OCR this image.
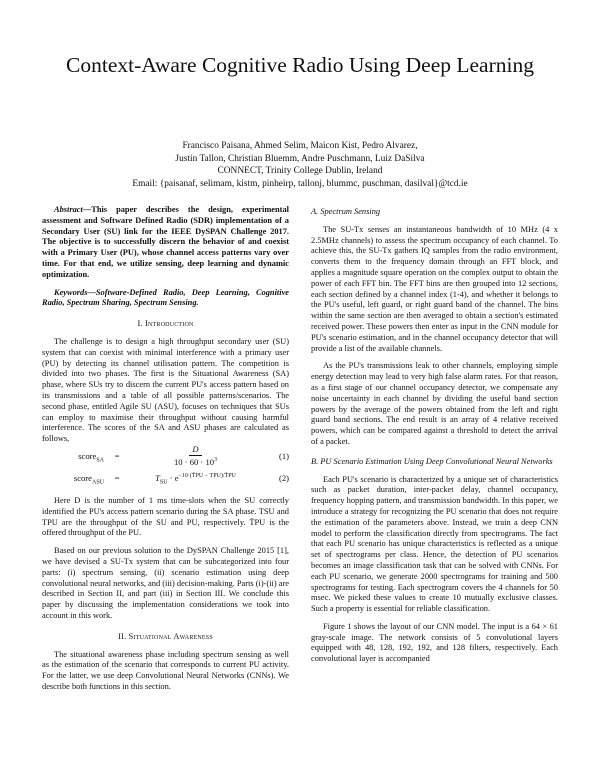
Context-Aware Cognitive Radio Using Deep Learning
Francisco Paisana, Ahmed Selim, Maicon Kist, Pedro Alvarez,
Justin Tallon, Christian Bluemm, Andre Puschmann, Luiz DaSilva
CONNECT, Trinity College Dublin, Ireland
Email: {paisanaf, selimam, kistm, pinheirp, tallonj, blummc, puschman, dasilval}@tcd.ie

Abstract—This paper describes the design, experimental assessment and Software Defined Radio (SDR) implementation of a Secondary User (SU) link for the IEEE DySPAN Challenge 2017. The objective is to successfully discern the behavior of and coexist with a Primary User (PU), whose channel access patterns vary over time. For that end, we utilize sensing, deep learning and dynamic optimization.

Keywords—Software-Defined Radio, Deep Learning, Cognitive Radio, Spectrum Sharing, Spectrum Sensing.

I. Introduction

The challenge is to design a high throughput secondary user (SU) system that can coexist with minimal interference with a primary user (PU) by detecting its channel utilisation pattern. The competition is divided into two phases. The first is the Situational Awareness (SA) phase, where SUs try to discern the current PU's access pattern based on its transmissions and a table of all possible patterns/scenarios. The second phase, entitled Agile SU (ASU), focuses on techniques that SUs can employ to maximise their throughput without causing harmful interference. The scores of the SA and ASU phases are calculated as follows,

score$_{SA}$	=	$\frac{D}{10 \cdot 60 \cdot 10^3}$	(1)
score$_{ASU}$	=	$T_{SU} \cdot e^{-10\cdot(T̄PU - TPU)/T̄PU}$	(2)

Here D is the number of 1 ms time-slots when the SU correctly identified the PU's access pattern scenario during the SA phase. TSU and TPU are the throughput of the SU and PU, respectively. T̄PU is the offered throughput of the PU.

Based on our previous solution to the DySPAN Challenge 2015 [1], we have devised a SU-Tx system that can be subcategorized into four parts: (i) spectrum sensing, (ii) scenario estimation using deep convolutional neural networks, and (iii) decision-making. Parts (i)-(ii) are described in Section II, and part (iii) in Section III. We conclude this paper by discussing the implementation considerations we took into account in this work.

II. Situational Awareness

The situational awareness phase including spectrum sensing as well as the estimation of the scenario that corresponds to current PU activity. For the latter, we use deep Convolutional Neural Networks (CNNs). We describe both functions in this section.

A. Spectrum Sensing

The SU-Tx senses an instantaneous bandwidth of 10 MHz (4 x 2.5MHz channels) to assess the spectrum occupancy of each channel. To achieve this, the SU-Tx gathers IQ samples from the radio environment, converts them to the frequency domain through an FFT block, and applies a magnitude square operation on the complex output to obtain the power of each FFT bin. The FFT bins are then grouped into 12 sections, each section defined by a channel index (1-4), and whether it belongs to the PU's useful, left guard, or right guard band of the channel. The bins within the same section are then averaged to obtain a section's estimated received power. These powers then enter as input in the CNN module for PU's scenario estimation, and in the channel occupancy detector that will provide a list of the available channels.

As the PU's transmissions leak to other channels, employing simple energy detection may lead to very high false alarm rates. For that reason, as a first stage of our channel occupancy detector, we compensate any noise uncertainty in each channel by dividing the useful band section powers by the average of the powers obtained from the left and right guard band sections. The end result is an array of 4 relative received powers, which can be compared against a threshold to detect the arrival of a packet.

B. PU Scenario Estimation Using Deep Convolutional Neural Networks

Each PU's scenario is characterized by a unique set of characteristics such as packet duration, inter-packet delay, channel occupancy, frequency hopping pattern, and transmission bandwidth. In this paper, we introduce a strategy for recognizing the PU scenario that does not require the estimation of the parameters above. Instead, we train a deep CNN model to perform the classification directly from spectrograms. The fact that each PU scenario has unique characteristics is reflected as a unique set of spectrograms per class. Hence, the detection of PU scenarios becomes an image classification task that can be solved with CNNs. For each PU scenario, we generate 2000 spectrograms for training and 500 spectrograms for testing. Each spectrogram covers the 4 channels for 50 msec. We picked these values to create 10 mutually exclusive classes. Such a property is essential for reliable classification.

Figure 1 shows the layout of our CNN model. The input is a 64 × 61 gray-scale image. The network consists of 5 convolutional layers equipped with 48, 128, 192, 192, and 128 filters, respectively. Each convolutional layer is accompanied
